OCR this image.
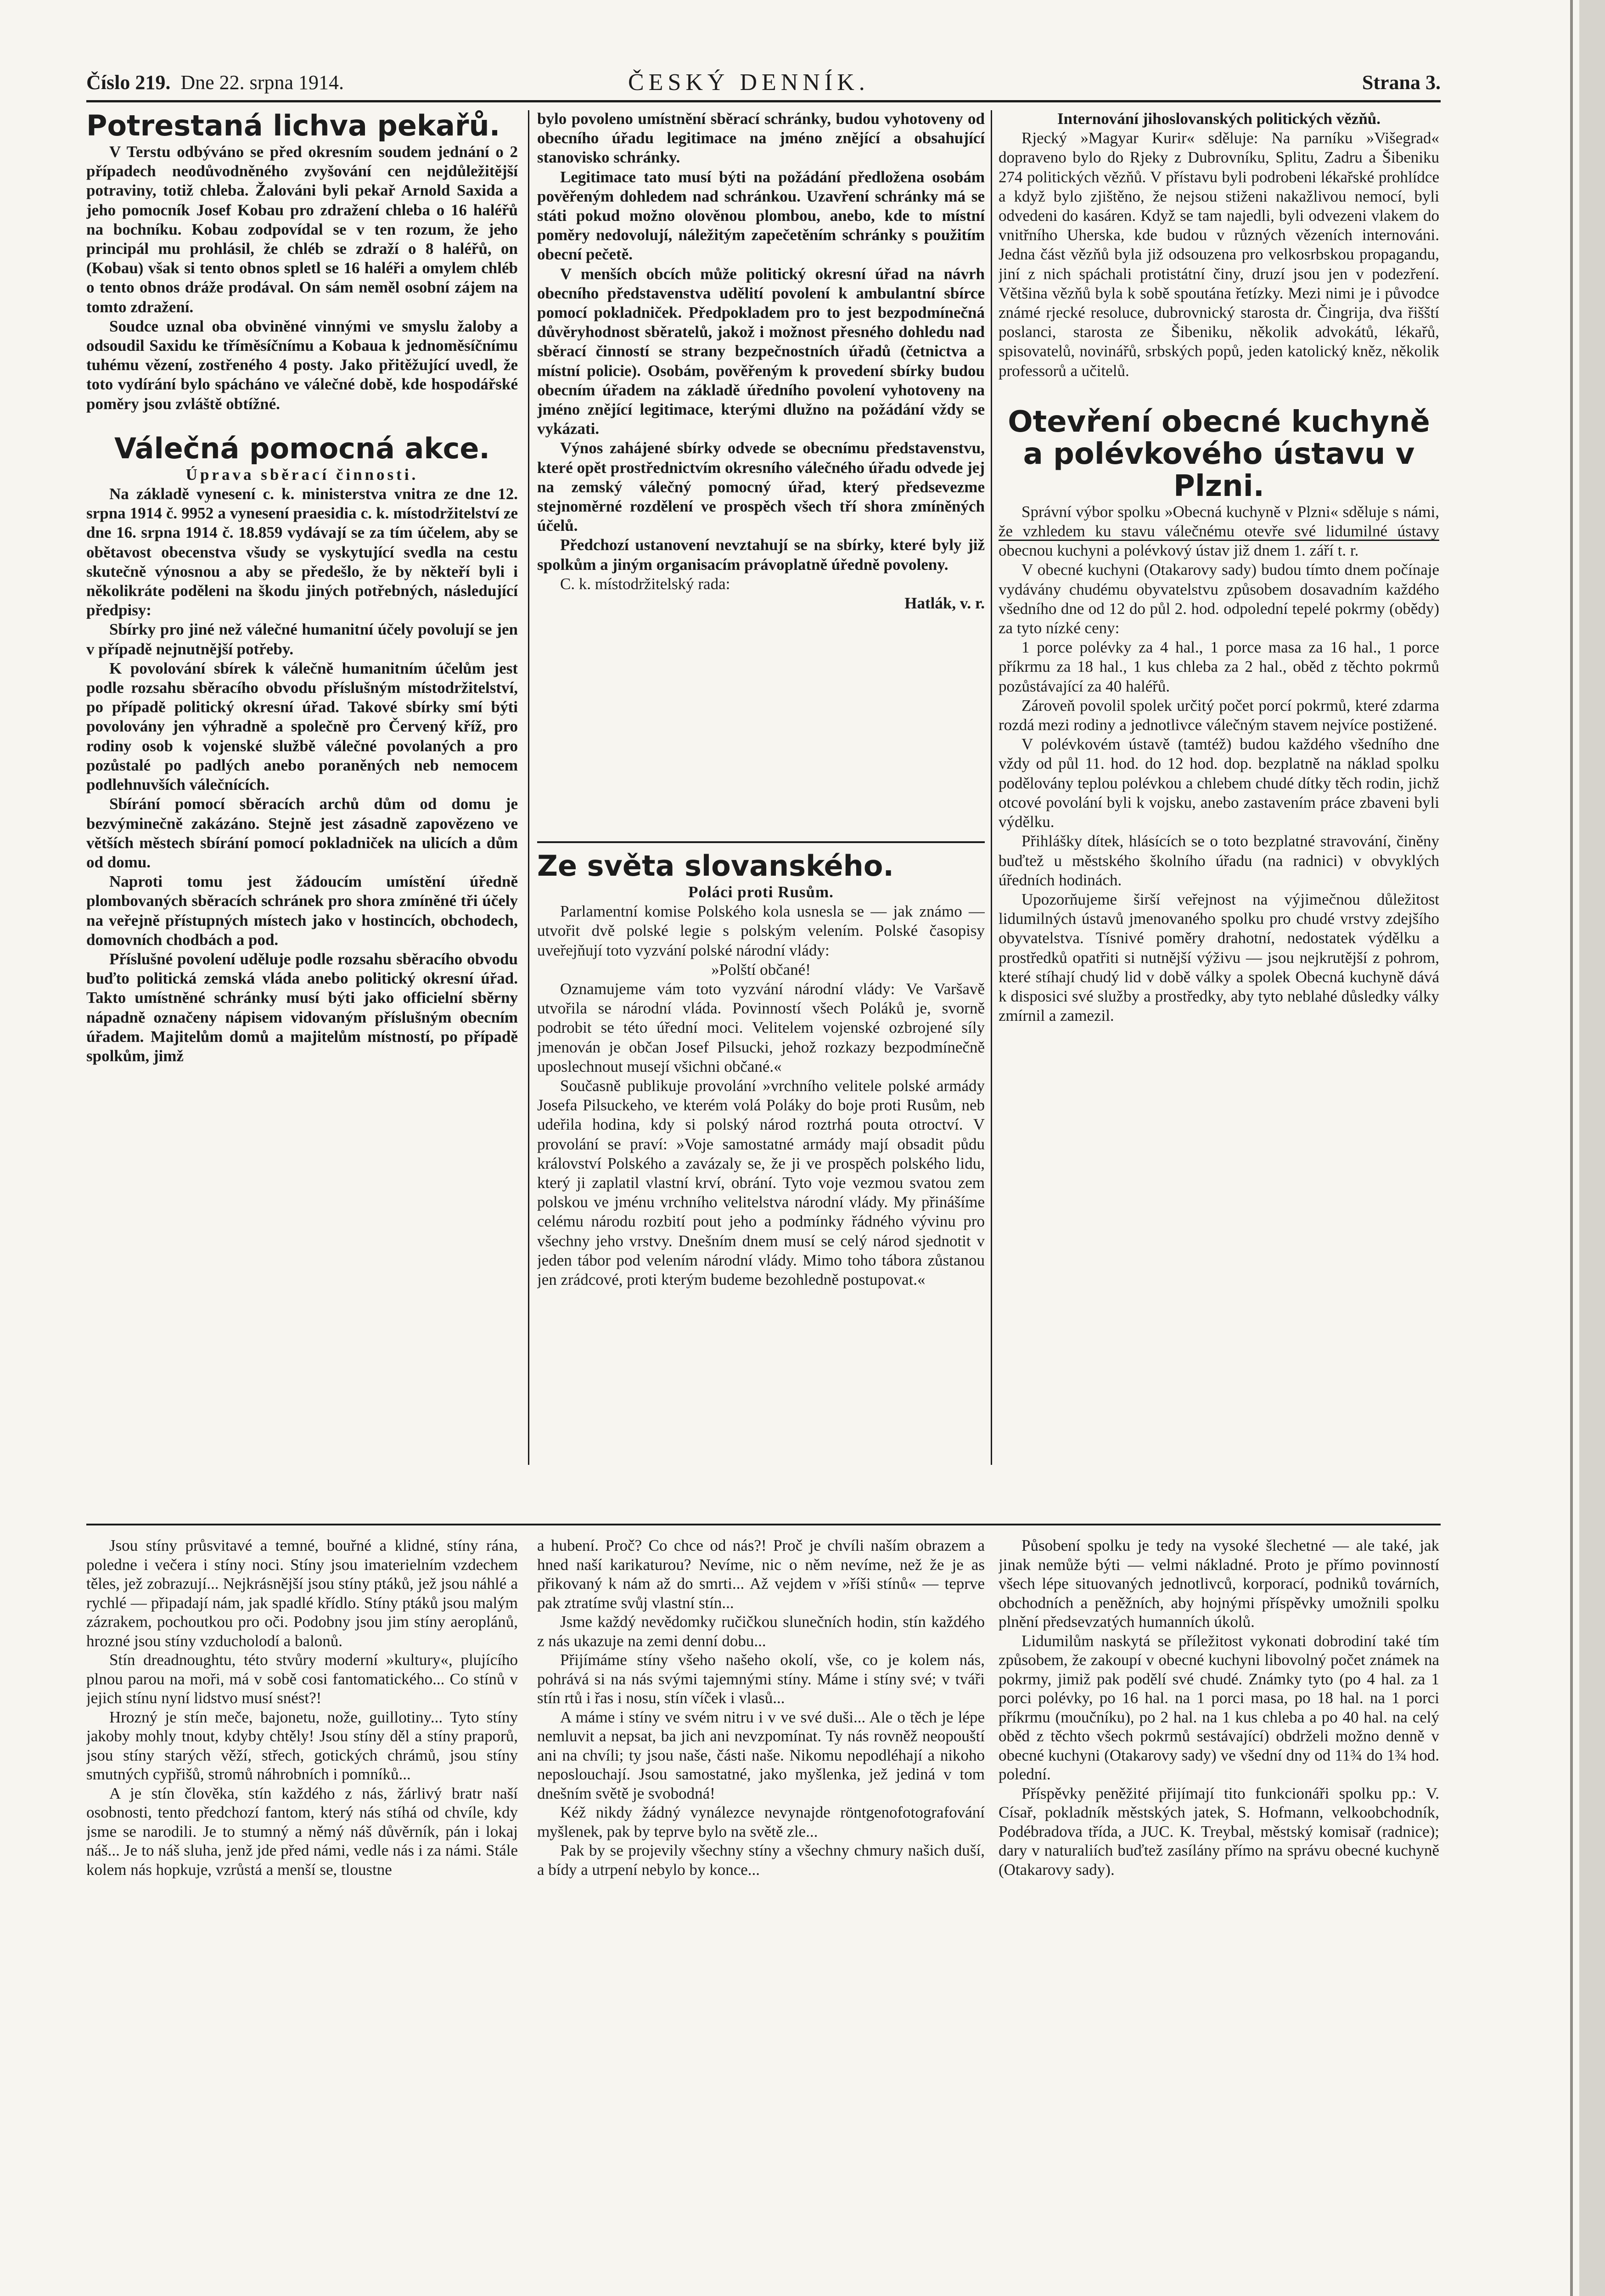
Číslo 219. Dne 22. srpna 1914.	ČESKÝ DENNÍK.	Strana 3.

Potrestaná lichva pekařů.

V Terstu odbýváno se před okresním soudem jednání o 2 případech neodůvodněného zvyšování cen nejdůležitější potraviny, totiž chleba. Žalováni byli pekař Arnold Saxida a jeho pomocník Josef Kobau pro zdražení chleba o 16 haléřů na bochníku. Kobau zodpovídal se v ten rozum, že jeho principál mu prohlásil, že chléb se zdraží o 8 haléřů, on (Kobau) však si tento obnos spletl se 16 haléři a omylem chléb o tento obnos dráže prodával. On sám neměl osobní zájem na tomto zdražení.

Soudce uznal oba obviněné vinnými ve smyslu žaloby a odsoudil Saxidu ke tříměsíčnímu a Kobaua k jednoměsíčnímu tuhému vězení, zostřeného 4 posty. Jako přitěžující uvedl, že toto vydírání bylo spácháno ve válečné době, kde hospodářské poměry jsou zvláště obtížné.

Válečná pomocná akce.

Úprava sběrací činnosti.

Na základě vynesení c. k. ministerstva vnitra ze dne 12. srpna 1914 č. 9952 a vynesení praesidia c. k. místodržitelství ze dne 16. srpna 1914 č. 18.859 vydávají se za tím účelem, aby se obětavost obecenstva všudy se vyskytující svedla na cestu skutečně výnosnou a aby se předešlo, že by někteří byli i několikráte poděleni na škodu jiných potřebných, následující předpisy:

Sbírky pro jiné než válečné humanitní účely povolují se jen v případě nejnutnější potřeby.

K povolování sbírek k válečně humanitním účelům jest podle rozsahu sběracího obvodu příslušným místodržitelství, po případě politický okresní úřad. Takové sbírky smí býti povolovány jen výhradně a společně pro Červený kříž, pro rodiny osob k vojenské službě válečné povolaných a pro pozůstalé po padlých anebo poraněných neb nemocem podlehnuvších válečnících.

Sbírání pomocí sběracích archů dům od domu je bezvýminečně zakázáno. Stejně jest zásadně zapovězeno ve větších městech sbírání pomocí pokladniček na ulicích a dům od domu.

Naproti tomu jest žádoucím umístění úředně plombovaných sběracích schránek pro shora zmíněné tři účely na veřejně přístupných místech jako v hostincích, obchodech, domovních chodbách a pod.

Příslušné povolení uděluje podle rozsahu sběracího obvodu buďto politická zemská vláda anebo politický okresní úřad. Takto umístněné schránky musí býti jako officielní sběrny nápadně označeny nápisem vidovaným příslušným obecním úřadem. Majitelům domů a majitelům místností, po případě spolkům, jimž

bylo povoleno umístnění sběrací schránky, budou vyhotoveny od obecního úřadu legitimace na jméno znějící a obsahující stanovisko schránky.

Legitimace tato musí býti na požádání předložena osobám pověřeným dohledem nad schránkou. Uzavření schránky má se státi pokud možno olověnou plombou, anebo, kde to místní poměry nedovolují, náležitým zapečetěním schránky s použitím obecní pečetě.

V menších obcích může politický okresní úřad na návrh obecního představenstva udělití povolení k ambulantní sbírce pomocí pokladniček. Předpokladem pro to jest bezpodmínečná důvěryhodnost sběratelů, jakož i možnost přesného dohledu nad sběrací činností se strany bezpečnostních úřadů (četnictva a místní policie). Osobám, pověřeným k provedení sbírky budou obecním úřadem na základě úředního povolení vyhotoveny na jméno znějící legitimace, kterými dlužno na požádání vždy se vykázati.

Výnos zahájené sbírky odvede se obecnímu představenstvu, které opět prostřednictvím okresního válečného úřadu odvede jej na zemský válečný pomocný úřad, který předsevezme stejnoměrné rozdělení ve prospěch všech tří shora zmíněných účelů.

Předchozí ustanovení nevztahují se na sbírky, které byly již spolkům a jiným organisacím právoplatně úředně povoleny.

C. k. místodržitelský rada:

Hatlák, v. r.

Ze světa slovanského.

Poláci proti Rusům.

Parlamentní komise Polského kola usnesla se — jak známo — utvořit dvě polské legie s polským velením. Polské časopisy uveřejňují toto vyzvání polské národní vlády:

»Polští občané!

Oznamujeme vám toto vyzvání národní vlády: Ve Varšavě utvořila se národní vláda. Povinností všech Poláků je, svorně podrobit se této úřední moci. Velitelem vojenské ozbrojené síly jmenován je občan Josef Pilsucki, jehož rozkazy bezpodmínečně uposlechnout musejí všichni občané.«

Současně publikuje provolání »vrchního velitele polské armády Josefa Pilsuckeho, ve kterém volá Poláky do boje proti Rusům, neb udeřila hodina, kdy si polský národ roztrhá pouta otroctví. V provolání se praví: »Voje samostatné armády mají obsadit půdu království Polského a zavázaly se, že ji ve prospěch polského lidu, který ji zaplatil vlastní krví, obrání. Tyto voje vezmou svatou zem polskou ve jménu vrchního velitelstva národní vlády. My přinášíme celému národu rozbití pout jeho a podmínky řádného vývinu pro všechny jeho vrstvy. Dnešním dnem musí se celý národ sjednotit v jeden tábor pod velením národní vlády. Mimo toho tábora zůstanou jen zrádcové, proti kterým budeme bezohledně postupovat.«

Internování jihoslovanských politických vězňů.

Rjecký »Magyar Kurir« sděluje: Na parníku »Višegrad« dopraveno bylo do Rjeky z Dubrovníku, Splitu, Zadru a Šibeniku 274 politických vězňů. V přístavu byli podrobeni lékařské prohlídce a když bylo zjištěno, že nejsou stiženi nakažlivou nemocí, byli odvedeni do kasáren. Když se tam najedli, byli odvezeni vlakem do vnitřního Uherska, kde budou v různých vězeních internováni. Jedna část vězňů byla již odsouzena pro velkosrbskou propagandu, jiní z nich spáchali protistátní činy, druzí jsou jen v podezření. Většina vězňů byla k sobě spoutána řetízky. Mezi nimi je i původce známé rjecké resoluce, dubrovnický starosta dr. Čingrija, dva řišští poslanci, starosta ze Šibeniku, několik advokátů, lékařů, spisovatelů, novinářů, srbských popů, jeden katolický kněz, několik professorů a učitelů.

Otevření obecné kuchyně a polévkového ústavu v Plzni.

Správní výbor spolku »Obecná kuchyně v Plzni« sděluje s námi, že vzhledem ku stavu válečnému otevře své lidumilné ústavy obecnou kuchyni a polévkový ústav již dnem 1. září t. r.

V obecné kuchyni (Otakarovy sady) budou tímto dnem počínaje vydávány chudému obyvatelstvu způsobem dosavadním každého všedního dne od 12 do půl 2. hod. odpolední tepelé pokrmy (obědy) za tyto nízké ceny:

1 porce polévky za 4 hal., 1 porce masa za 16 hal., 1 porce příkrmu za 18 hal., 1 kus chleba za 2 hal., oběd z těchto pokrmů pozůstávající za 40 haléřů.

Zároveň povolil spolek určitý počet porcí pokrmů, které zdarma rozdá mezi rodiny a jednotlivce válečným stavem nejvíce postižené.

V polévkovém ústavě (tamtéž) budou každého všedního dne vždy od půl 11. hod. do 12 hod. dop. bezplatně na náklad spolku podělovány teplou polévkou a chlebem chudé dítky těch rodin, jichž otcové povolání byli k vojsku, anebo zastavením práce zbaveni byli výdělku.

Přihlášky dítek, hlásících se o toto bezplatné stravování, činěny buďtež u městského školního úřadu (na radnici) v obvyklých úředních hodinách.

Upozorňujeme širší veřejnost na výjimečnou důležitost lidumilných ústavů jmenovaného spolku pro chudé vrstvy zdejšího obyvatelstva. Tísnivé poměry drahotní, nedostatek výdělku a prostředků opatřiti si nutnější výživu — jsou nejkrutější z pohrom, které stíhají chudý lid v době války a spolek Obecná kuchyně dává k disposici své služby a prostředky, aby tyto neblahé důsledky války zmírnil a zamezil.

Jsou stíny průsvitavé a temné, bouřné a klidné, stíny rána, poledne i večera i stíny noci. Stíny jsou imaterielním vzdechem těles, jež zobrazují... Nejkrásnější jsou stíny ptáků, jež jsou náhlé a rychlé — připadají nám, jak spadlé křídlo. Stíny ptáků jsou malým zázrakem, pochoutkou pro oči. Podobny jsou jim stíny aeroplánů, hrozné jsou stíny vzducholodí a balonů.

Stín dreadnoughtu, této stvůry moderní »kultury«, plujícího plnou parou na moři, má v sobě cosi fantomatického... Co stínů v jejich stínu nyní lidstvo musí snést?!

Hrozný je stín meče, bajonetu, nože, guillotiny... Tyto stíny jakoby mohly tnout, kdyby chtěly! Jsou stíny děl a stíny praporů, jsou stíny starých věží, střech, gotických chrámů, jsou stíny smutných cypřišů, stromů náhrobních i pomníků...

A je stín člověka, stín každého z nás, žárlivý bratr naší osobnosti, tento předchozí fantom, který nás stíhá od chvíle, kdy jsme se narodili. Je to stumný a němý náš důvěrník, pán i lokaj náš... Je to náš sluha, jenž jde před námi, vedle nás i za námi. Stále kolem nás hopkuje, vzrůstá a menší se, tloustne

a hubení. Proč? Co chce od nás?! Proč je chvíli naším obrazem a hned naší karikaturou? Nevíme, nic o něm nevíme, než že je as přikovaný k nám až do smrti... Až vejdem v »říši stínů« — teprve pak ztratíme svůj vlastní stín...

Jsme každý nevědomky ručičkou slunečních hodin, stín každého z nás ukazuje na zemi denní dobu...

Přijímáme stíny všeho našeho okolí, vše, co je kolem nás, pohrává si na nás svými tajemnými stíny. Máme i stíny své; v tváři stín rtů i řas i nosu, stín víček i vlasů...

A máme i stíny ve svém nitru i v ve své duši... Ale o těch je lépe nemluvit a nepsat, ba jich ani nevzpomínat. Ty nás rovněž neopouští ani na chvíli; ty jsou naše, části naše. Nikomu nepodléhají a nikoho neposlouchají. Jsou samostatné, jako myšlenka, jež jediná v tom dnešním světě je svobodná!

Kéž nikdy žádný vynálezce nevynajde röntgenofotografování myšlenek, pak by teprve bylo na světě zle...

Pak by se projevily všechny stíny a všechny chmury našich duší, a bídy a utrpení nebylo by konce...

Působení spolku je tedy na vysoké šlechetné — ale také, jak jinak nemůže býti — velmi nákladné. Proto je přímo povinností všech lépe situovaných jednotlivců, korporací, podniků továrních, obchodních a peněžních, aby hojnými příspěvky umožnili spolku plnění předsevzatých humanních úkolů.

Lidumilům naskytá se příležitost vykonati dobrodiní také tím způsobem, že zakoupí v obecné kuchyni libovolný počet známek na pokrmy, jimiž pak podělí své chudé. Známky tyto (po 4 hal. za 1 porci polévky, po 16 hal. na 1 porci masa, po 18 hal. na 1 porci příkrmu (moučníku), po 2 hal. na 1 kus chleba a po 40 hal. na celý oběd z těchto všech pokrmů sestávající) obdrželi možno denně v obecné kuchyni (Otakarovy sady) ve všední dny od 11¾ do 1¾ hod. polední.

Příspěvky peněžité přijímají tito funkcionáři spolku pp.: V. Císař, pokladník městských jatek, S. Hofmann, velkoobchodník, Podébradova třída, a JUC. K. Treybal, městský komisař (radnice); dary v naturaliích buďtež zasílány přímo na správu obecné kuchyně (Otakarovy sady).
